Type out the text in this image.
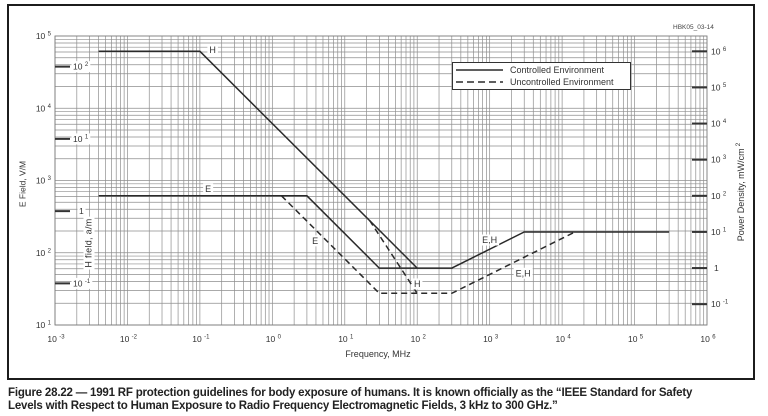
10 $^{-3}$	10 $^{-2}$	10 $^{-1}$	10 $^0$	10 $^1$	10 $^2$	10 $^3$	10 $^4$	10 $^5$	10 $^6$
10 $^1$
10 $^2$
10 $^3$
10 $^4$
10 $^5$
10 $^2$
10 $^1$
1
10 $^{-1}$
10 $^6$
10 $^5$
10 $^4$
10 $^3$
10 $^2$
10 $^1$
1
10 $^{-1}$
H
E
E
H
E,H
E,H
HBK05_03-14
Controlled Environment
Uncontrolled Environment
E Field, V/M
H field, a/m
Power Density, $mW/cm^2$
Frequency, MHz
Figure 28.22 — 1991 RF protection guidelines for body exposure of humans. It is known officially as the “IEEE Standard for Safety
Levels with Respect to Human Exposure to Radio Frequency Electromagnetic Fields, 3 kHz to 300 GHz.”
